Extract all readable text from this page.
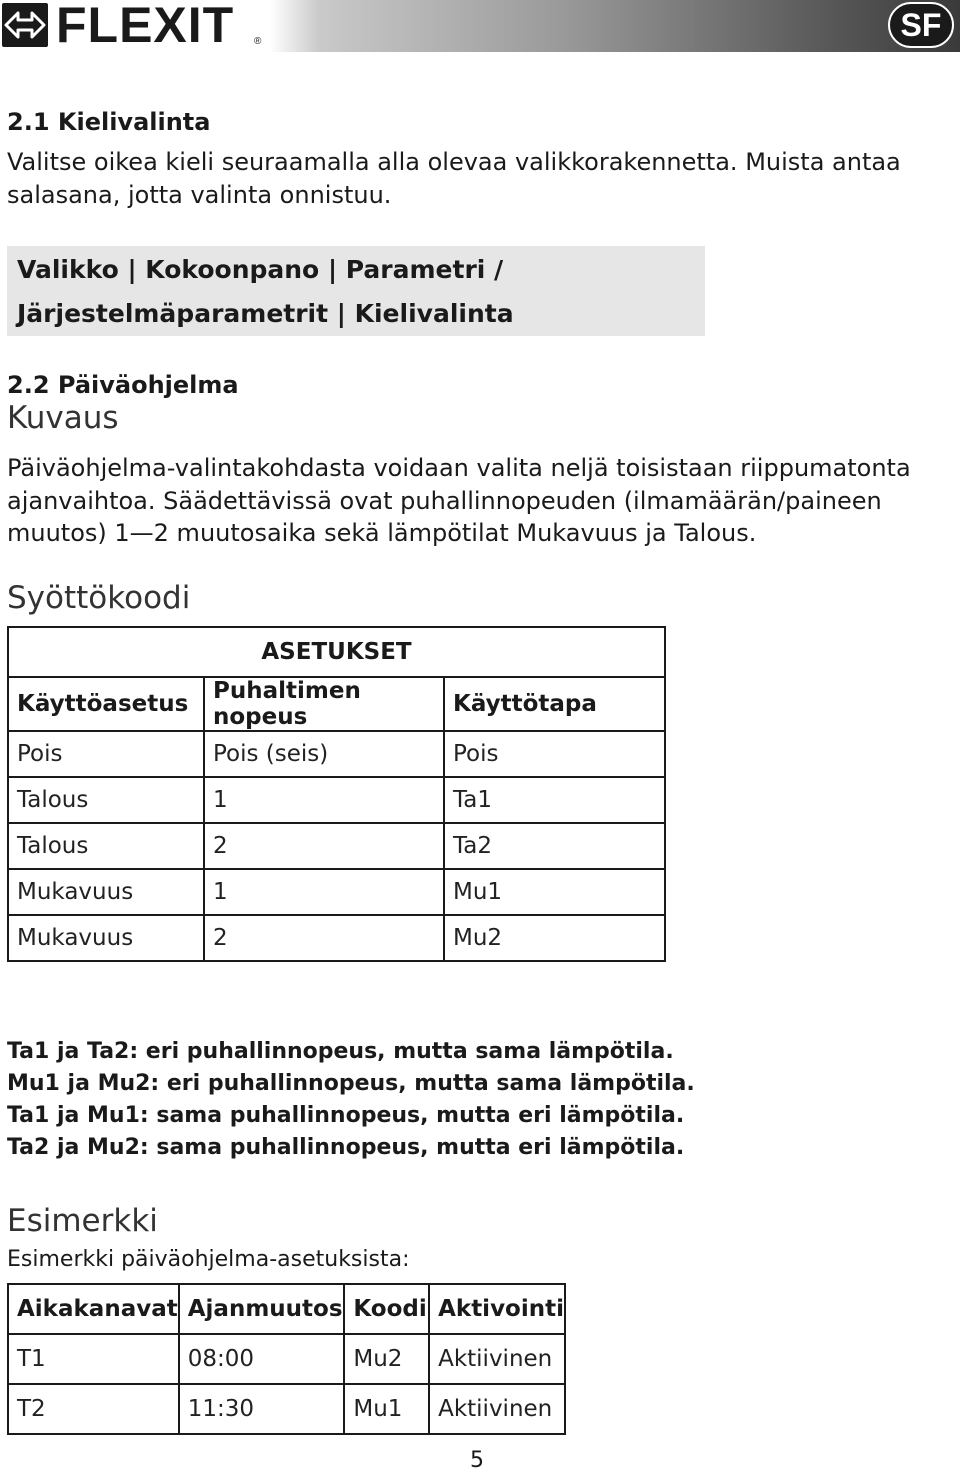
FLEXIT ®	SF
2.1 Kielivalinta
Valitse oikea kieli seuraamalla alla olevaa valikkorakennetta. Muista antaa
salasana, jotta valinta onnistuu.
Valikko | Kokoonpano | Parametri /
Järjestelmäparametrit | Kielivalinta
2.2 Päiväohjelma
Kuvaus
Päiväohjelma-valintakohdasta voidaan valita neljä toisistaan riippumatonta
ajanvaihtoa. Säädettävissä ovat puhallinnopeuden (ilmamäärän/paineen
muutos) 1—2 muutosaika sekä lämpötilat Mukavuus ja Talous.
Syöttökoodi
ASETUKSET		
Käyttöasetus	Puhaltimen nopeus	Käyttötapa
Pois	Pois (seis)	Pois
Talous	1	Ta1
Talous	2	Ta2
Mukavuus	1	Mu1
Mukavuus	2	Mu2
Ta1 ja Ta2: eri puhallinnopeus, mutta sama lämpötila.
Mu1 ja Mu2: eri puhallinnopeus, mutta sama lämpötila.
Ta1 ja Mu1: sama puhallinnopeus, mutta eri lämpötila.
Ta2 ja Mu2: sama puhallinnopeus, mutta eri lämpötila.
Esimerkki
Esimerkki päiväohjelma-asetuksista:
Aikakanavat	Ajanmuutos	Koodi	Aktivointi
T1	08:00	Mu2	Aktiivinen
T2	11:30	Mu1	Aktiivinen
5
